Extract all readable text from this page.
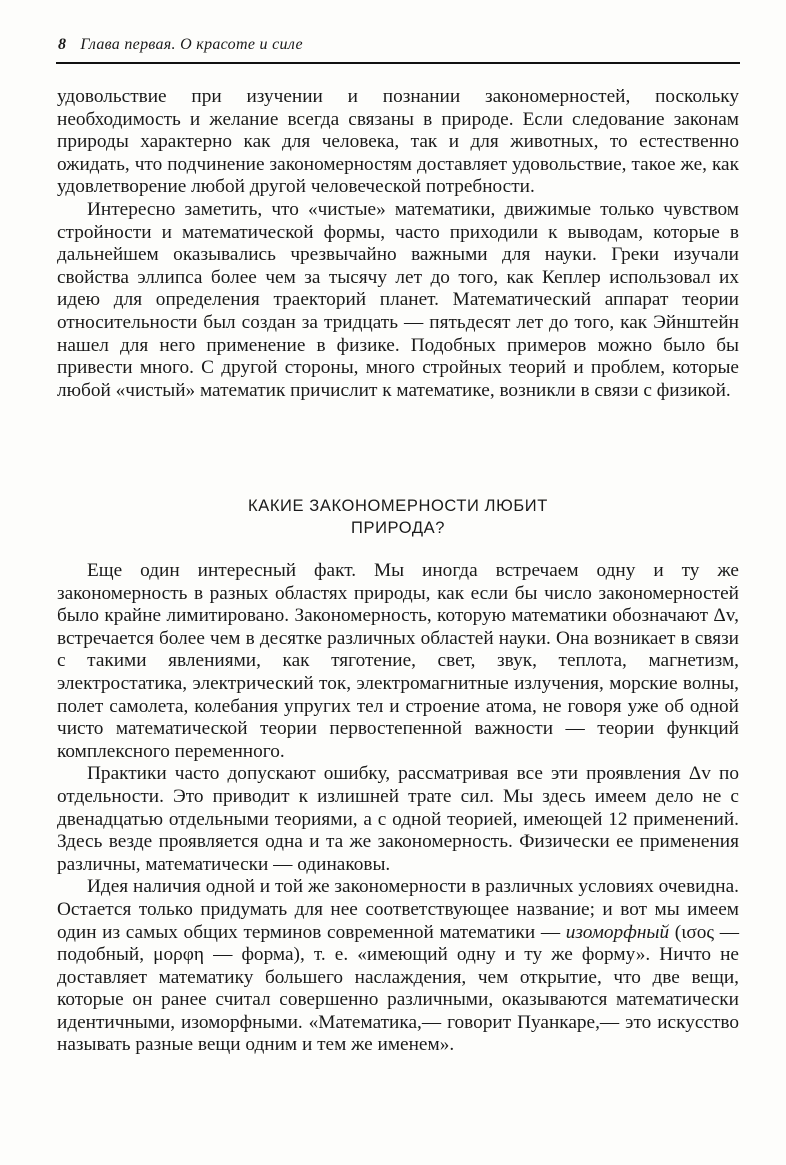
8 Глава первая. О красоте и силе

удовольствие при изучении и познании закономерностей, поскольку необходимость и желание всегда связаны в природе. Если следование законам природы характерно как для человека, так и для животных, то естественно ожидать, что подчинение закономерностям доставляет удовольствие, такое же, как удовлетворение любой другой человеческой потребности.

Интересно заметить, что «чистые» математики, движимые только чувством стройности и математической формы, часто приходили к выводам, которые в дальнейшем оказывались чрезвычайно важными для науки. Греки изучали свойства эллипса более чем за тысячу лет до того, как Кеплер использовал их идею для определения траекторий планет. Математический аппарат теории относительности был создан за тридцать — пятьдесят лет до того, как Эйнштейн нашел для него применение в физике. Подобных примеров можно было бы привести много. С другой стороны, много стройных теорий и проблем, которые любой «чистый» математик причислит к математике, возникли в связи с физикой.

КАКИЕ ЗАКОНОМЕРНОСТИ ЛЮБИТ
ПРИРОДА?

Еще один интересный факт. Мы иногда встречаем одну и ту же закономерность в разных областях природы, как если бы число закономерностей было крайне лимитировано. Закономерность, которую математики обозначают Δv, встречается более чем в десятке различных областей науки. Она возникает в связи с такими явлениями, как тяготение, свет, звук, теплота, магнетизм, электростатика, электрический ток, электромагнитные излучения, морские волны, полет самолета, колебания упругих тел и строение атома, не говоря уже об одной чисто математической теории первостепенной важности — теории функций комплексного переменного.

Практики часто допускают ошибку, рассматривая все эти проявления Δv по отдельности. Это приводит к излишней трате сил. Мы здесь имеем дело не с двенадцатью отдельными теориями, а с одной теорией, имеющей 12 применений. Здесь везде проявляется одна и та же закономерность. Физически ее применения различны, математически — одинаковы.

Идея наличия одной и той же закономерности в различных условиях очевидна. Остается только придумать для нее соответствующее название; и вот мы имеем один из самых общих терминов современной математики — изоморфный (ισος — подобный, μορφη — форма), т. е. «имеющий одну и ту же форму». Ничто не доставляет математику большего наслаждения, чем открытие, что две вещи, которые он ранее считал совершенно различными, оказываются математически идентичными, изоморфными. «Математика,— говорит Пуанкаре,— это искусство называть разные вещи одним и тем же именем».
